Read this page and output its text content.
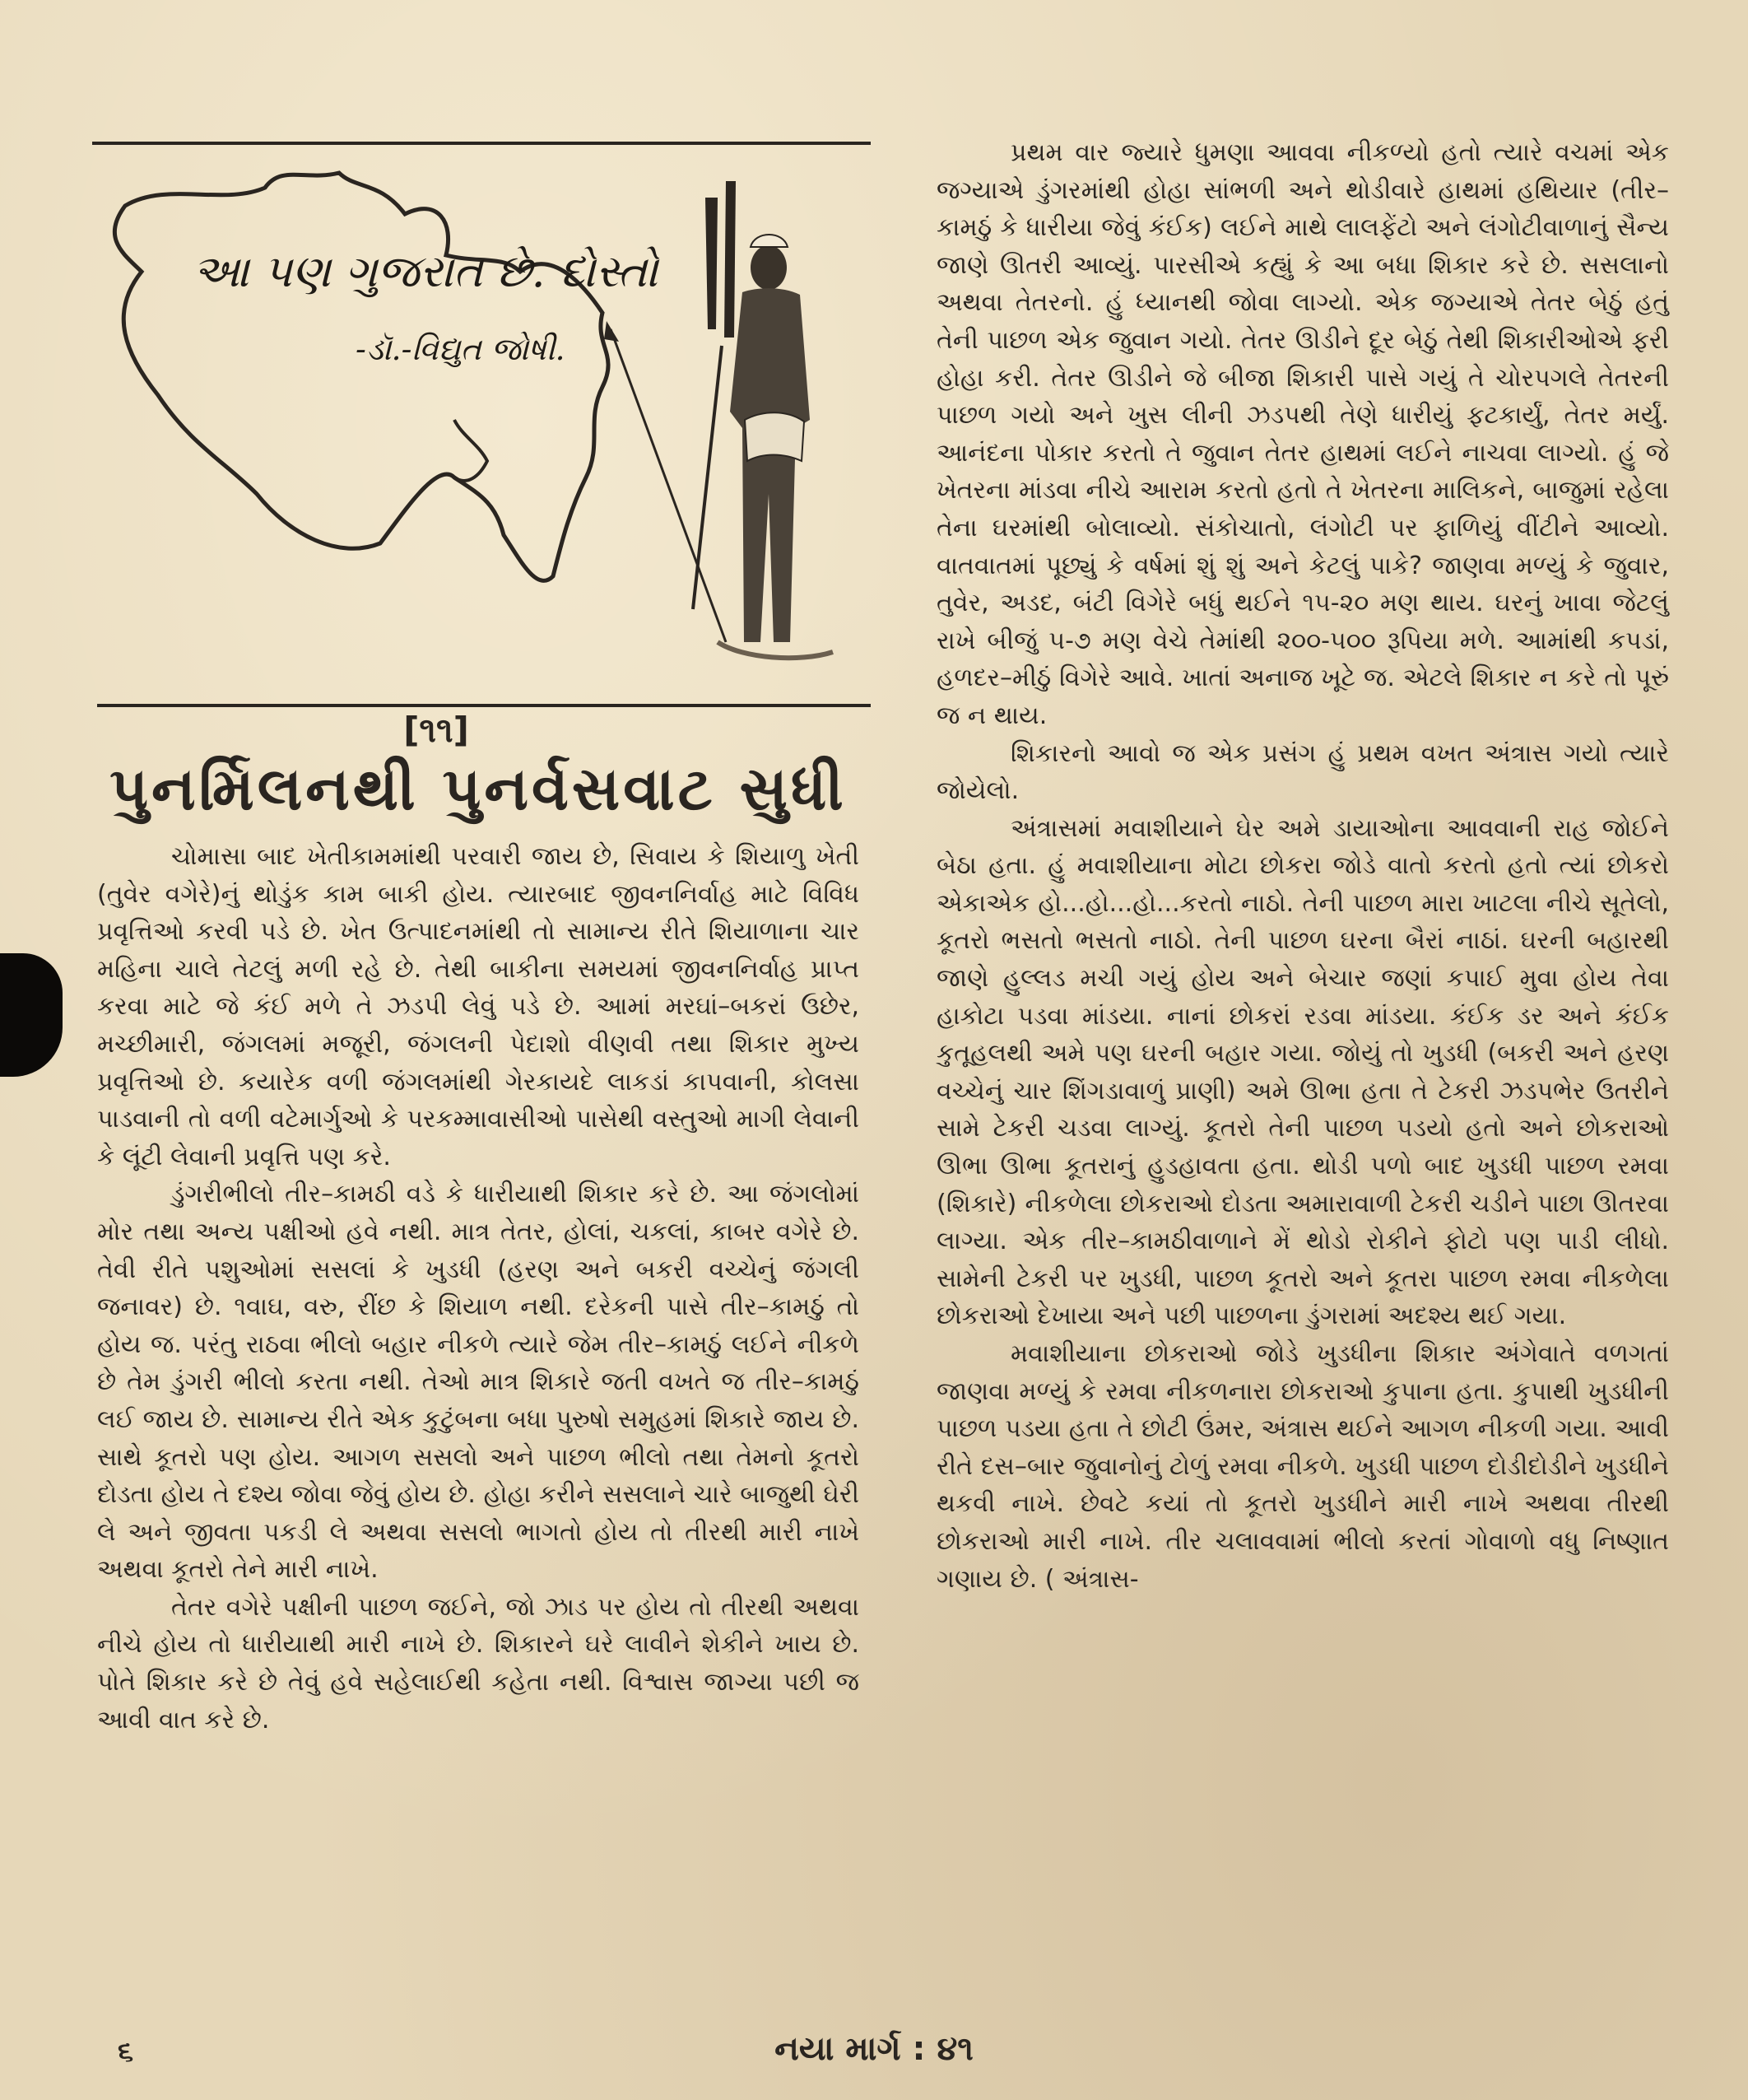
આ પણ ગુજરાત છે. દોસ્તો
-ડૉ.-વિદ્યુત જોષી.
[૧૧]
પુનર્મિલનથી પુનર્વસવાટ સુધી

ચોમાસા બાદ ખેતીકામમાંથી પરવારી જાય છે, સિવાય કે શિયાળુ ખેતી (તુવેર વગેરે)નું થોડુંક કામ બાકી હોય. ત્યારબાદ જીવનનિર્વાહ માટે વિવિધ પ્રવૃત્તિઓ કરવી પડે છે. ખેત ઉત્પાદનમાંથી તો સામાન્ય રીતે શિયાળાના ચાર મહિના ચાલે તેટલું મળી રહે છે. તેથી બાકીના સમયમાં જીવનનિર્વાહ પ્રાપ્ત કરવા માટે જે કંઈ મળે તે ઝડપી લેવું પડે છે. આમાં મરઘાં–બકરાં ઉછેર, મચ્છીમારી, જંગલમાં મજૂરી, જંગલની પેદાશો વીણવી તથા શિકાર મુખ્ય પ્રવૃત્તિઓ છે. કયારેક વળી જંગલમાંથી ગેરકાયદે લાકડાં કાપવાની, કોલસા પાડવાની તો વળી વટેમાર્ગુઓ કે પરકમ્માવાસીઓ પાસેથી વસ્તુઓ માગી લેવાની કે લૂંટી લેવાની પ્રવૃત્તિ પણ કરે.

ડુંગરીભીલો તીર–કામઠી વડે કે ધારીયાથી શિકાર કરે છે. આ જંગલોમાં મોર તથા અન્ય પક્ષીઓ હવે નથી. માત્ર તેતર, હોલાં, ચકલાં, કાબર વગેરે છે. તેવી રીતે પશુઓમાં સસલાં કે ખુડધી (હરણ અને બકરી વચ્ચેનું જંગલી જનાવર) છે. ૧વાઘ, વરુ, રીંછ કે શિયાળ નથી. દરેકની પાસે તીર–કામઠું તો હોય જ. પરંતુ રાઠવા ભીલો બહાર નીકળે ત્યારે જેમ તીર–કામઠું લઈને નીકળે છે તેમ ડુંગરી ભીલો કરતા નથી. તેઓ માત્ર શિકારે જતી વખતે જ તીર–કામઠું લઈ જાય છે. સામાન્ય રીતે એક કુટુંબના બધા પુરુષો સમુહમાં શિકારે જાય છે. સાથે કૂતરો પણ હોય. આગળ સસલો અને પાછળ ભીલો તથા તેમનો કૂતરો દોડતા હોય તે દશ્ય જોવા જેવું હોય છે. હોહા કરીને સસલાને ચારે બાજુથી ઘેરી લે અને જીવતા પકડી લે અથવા સસલો ભાગતો હોય તો તીરથી મારી નાખે અથવા કૂતરો તેને મારી નાખે.

તેતર વગેરે પક્ષીની પાછળ જઈને, જો ઝાડ પર હોય તો તીરથી અથવા નીચે હોય તો ધારીયાથી મારી નાખે છે. શિકારને ઘરે લાવીને શેકીને ખાય છે. પોતે શિકાર કરે છે તેવું હવે સહેલાઈથી કહેતા નથી. વિશ્વાસ જાગ્યા પછી જ આવી વાત કરે છે.

પ્રથમ વાર જ્યારે ધુમણા આવવા નીકળ્યો હતો ત્યારે વચમાં એક જગ્યાએ ડુંગરમાંથી હોહા સાંભળી અને થોડીવારે હાથમાં હથિયાર (તીર–કામઠું કે ધારીયા જેવું કંઈક) લઈને માથે લાલફેંટો અને લંગોટીવાળાનું સૈન્ય જાણે ઊતરી આવ્યું. પારસીએ કહ્યું કે આ બધા શિકાર કરે છે. સસલાનો અથવા તેતરનો. હું ધ્યાનથી જોવા લાગ્યો. એક જગ્યાએ તેતર બેઠું હતું તેની પાછળ એક જુવાન ગયો. તેતર ઊડીને દૂર બેઠું તેથી શિકારીઓએ ફરી હોહા કરી. તેતર ઊડીને જે બીજા શિકારી પાસે ગયું તે ચોરપગલે તેતરની પાછળ ગયો અને ખુસ લીની ઝડપથી તેણે ધારીયું ફટકાર્યું, તેતર મર્યું. આનંદના પોકાર કરતો તે જુવાન તેતર હાથમાં લઈને નાચવા લાગ્યો. હું જે ખેતરના માંડવા નીચે આરામ કરતો હતો તે ખેતરના માલિકને, બાજુમાં રહેલા તેના ઘરમાંથી બોલાવ્યો. સંકોચાતો, લંગોટી પર ફાળિયું વીંટીને આવ્યો. વાતવાતમાં પૂછ્યું કે વર્ષમાં શું શું અને કેટલું પાકે? જાણવા મળ્યું કે જુવાર, તુવેર, અડદ, બંટી વિગેરે બધું થઈને ૧૫-૨૦ મણ થાય. ઘરનું ખાવા જેટલું રાખે બીજું ૫-૭ મણ વેચે તેમાંથી ૨૦૦-૫૦૦ રૂપિયા મળે. આમાંથી કપડાં, હળદર–મીઠું વિગેરે આવે. ખાતાં અનાજ ખૂટે જ. એટલે શિકાર ન કરે તો પૂરું જ ન થાય.

શિકારનો આવો જ એક પ્રસંગ હું પ્રથમ વખત અંત્રાસ ગયો ત્યારે જોયેલો.

અંત્રાસમાં મવાશીયાને ઘેર અમે ડાયાઓના આવવાની રાહ જોઈને બેઠા હતા. હું મવાશીયાના મોટા છોકરા જોડે વાતો કરતો હતો ત્યાં છોકરો એકાએક હો...હો...હો...કરતો નાઠો. તેની પાછળ મારા ખાટલા નીચે સૂતેલો, કૂતરો ભસતો ભસતો નાઠો. તેની પાછળ ઘરના બૈરાં નાઠાં. ઘરની બહારથી જાણે હુલ્લડ મચી ગયું હોય અને બેચાર જણાં કપાઈ મુવા હોય તેવા હાકોટા પડવા માંડયા. નાનાં છોકરાં રડવા માંડયા. કંઈક ડર અને કંઈક કુતૂહલથી અમે પણ ઘરની બહાર ગયા. જોયું તો ખુડધી (બકરી અને હરણ વચ્ચેનું ચાર શિંગડાવાળું પ્રાણી) અમે ઊભા હતા તે ટેકરી ઝડપભેર ઉતરીને સામે ટેકરી ચડવા લાગ્યું. કૂતરો તેની પાછળ પડયો હતો અને છોકરાઓ ઊભા ઊભા કૂતરાનું હુડહાવતા હતા. થોડી પળો બાદ ખુડધી પાછળ રમવા (શિકારે) નીકળેલા છોકરાઓ દોડતા અમારાવાળી ટેકરી ચડીને પાછા ઊતરવા લાગ્યા. એક તીર–કામઠીવાળાને મેં થોડો રોકીને ફોટો પણ પાડી લીધો. સામેની ટેકરી પર ખુડધી, પાછળ કૂતરો અને કૂતરા પાછળ રમવા નીકળેલા છોકરાઓ દેખાયા અને પછી પાછળના ડુંગરામાં અદશ્ય થઈ ગયા.

મવાશીયાના છોકરાઓ જોડે ખુડધીના શિકાર અંગેવાતે વળગતાં જાણવા મળ્યું કે રમવા નીકળનારા છોકરાઓ કુપાના હતા. કુપાથી ખુડધીની પાછળ પડયા હતા તે છોટી ઉંમર, અંત્રાસ થઈને આગળ નીકળી ગયા. આવી રીતે દસ–બાર જુવાનોનું ટોળું રમવા નીકળે. ખુડધી પાછળ દોડીદોડીને ખુડધીને થકવી નાખે. છેવટે કયાં તો કૂતરો ખુડધીને મારી નાખે અથવા તીરથી છોકરાઓ મારી નાખે. તીર ચલાવવામાં ભીલો કરતાં ગોવાળો વધુ નિષ્ણાત ગણાય છે. ( અંત્રાસ-

૬	નયા માર્ગ : ૪૧
